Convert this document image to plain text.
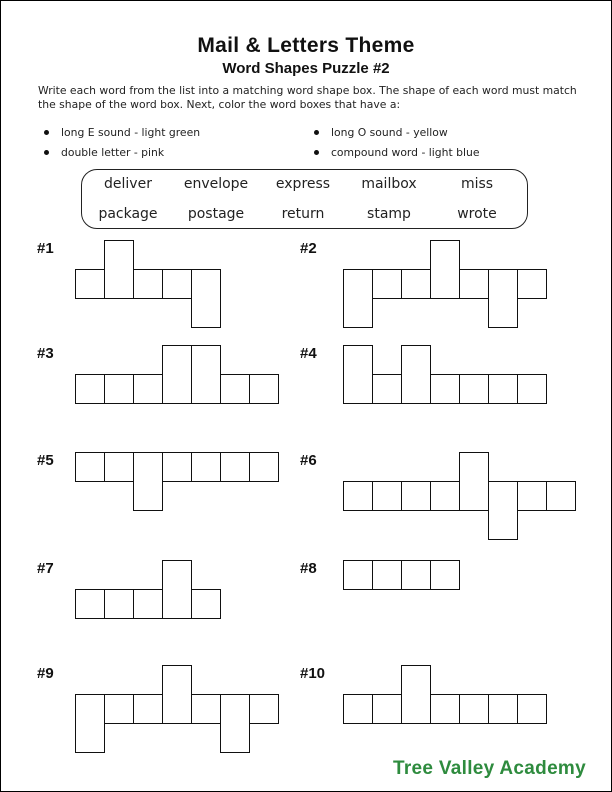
Mail & Letters Theme
Word Shapes Puzzle #2
Write each word from the list into a matching word shape box. The shape of each word must match the shape of the word box. Next, color the word boxes that have a:
long E sound - light green
double letter - pink
long O sound - yellow
compound word - light blue
deliver envelope express mailbox	miss
package postage	return	stamp	wrote
#1	#2
#3	#4
#5	#6
#7	#8
#9	#10
Tree Valley Academy
